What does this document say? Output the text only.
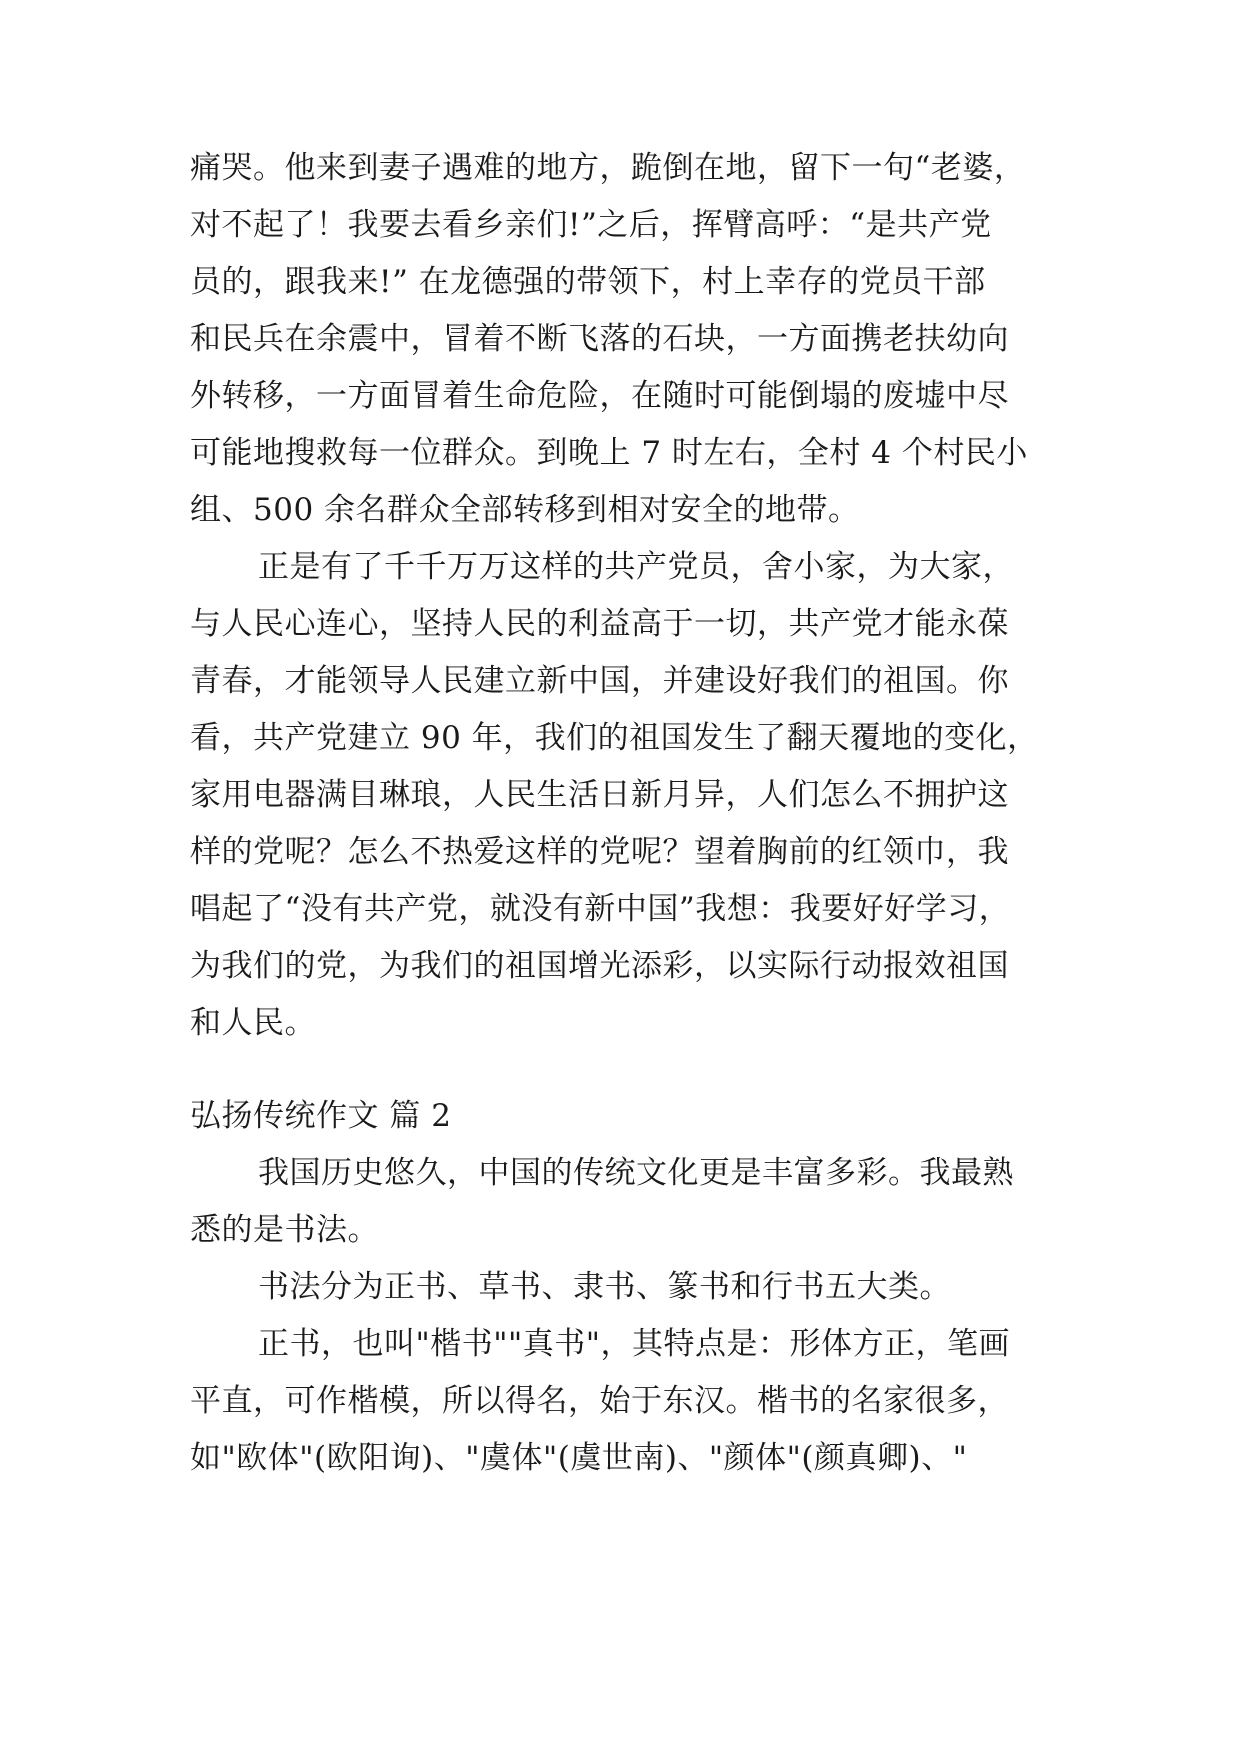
痛哭。他来到妻子遇难的地方，跪倒在地，留下一句“老婆，
对不起了！我要去看乡亲们!”之后，挥臂高呼：“是共产党
员的，跟我来!” 在龙德强的带领下，村上幸存的党员干部
和民兵在余震中，冒着不断飞落的石块，一方面携老扶幼向
外转移，一方面冒着生命危险，在随时可能倒塌的废墟中尽
可能地搜救每一位群众。到晚上 7 时左右，全村 4 个村民小
组、500 余名群众全部转移到相对安全的地带。
正是有了千千万万这样的共产党员，舍小家，为大家，
与人民心连心，坚持人民的利益高于一切，共产党才能永葆
青春，才能领导人民建立新中国，并建设好我们的祖国。你
看，共产党建立 90 年，我们的祖国发生了翻天覆地的变化，
家用电器满目琳琅，人民生活日新月异，人们怎么不拥护这
样的党呢？怎么不热爱这样的党呢？望着胸前的红领巾，我
唱起了“没有共产党，就没有新中国”我想：我要好好学习，
为我们的党，为我们的祖国增光添彩，以实际行动报效祖国
和人民。
弘扬传统作文 篇 2
我国历史悠久，中国的传统文化更是丰富多彩。我最熟
悉的是书法。
书法分为正书、草书、隶书、篆书和行书五大类。
正书，也叫"楷书""真书"，其特点是：形体方正，笔画
平直，可作楷模，所以得名，始于东汉。楷书的名家很多，
如"欧体"(欧阳询)、"虞体"(虞世南)、"颜体"(颜真卿)、"
